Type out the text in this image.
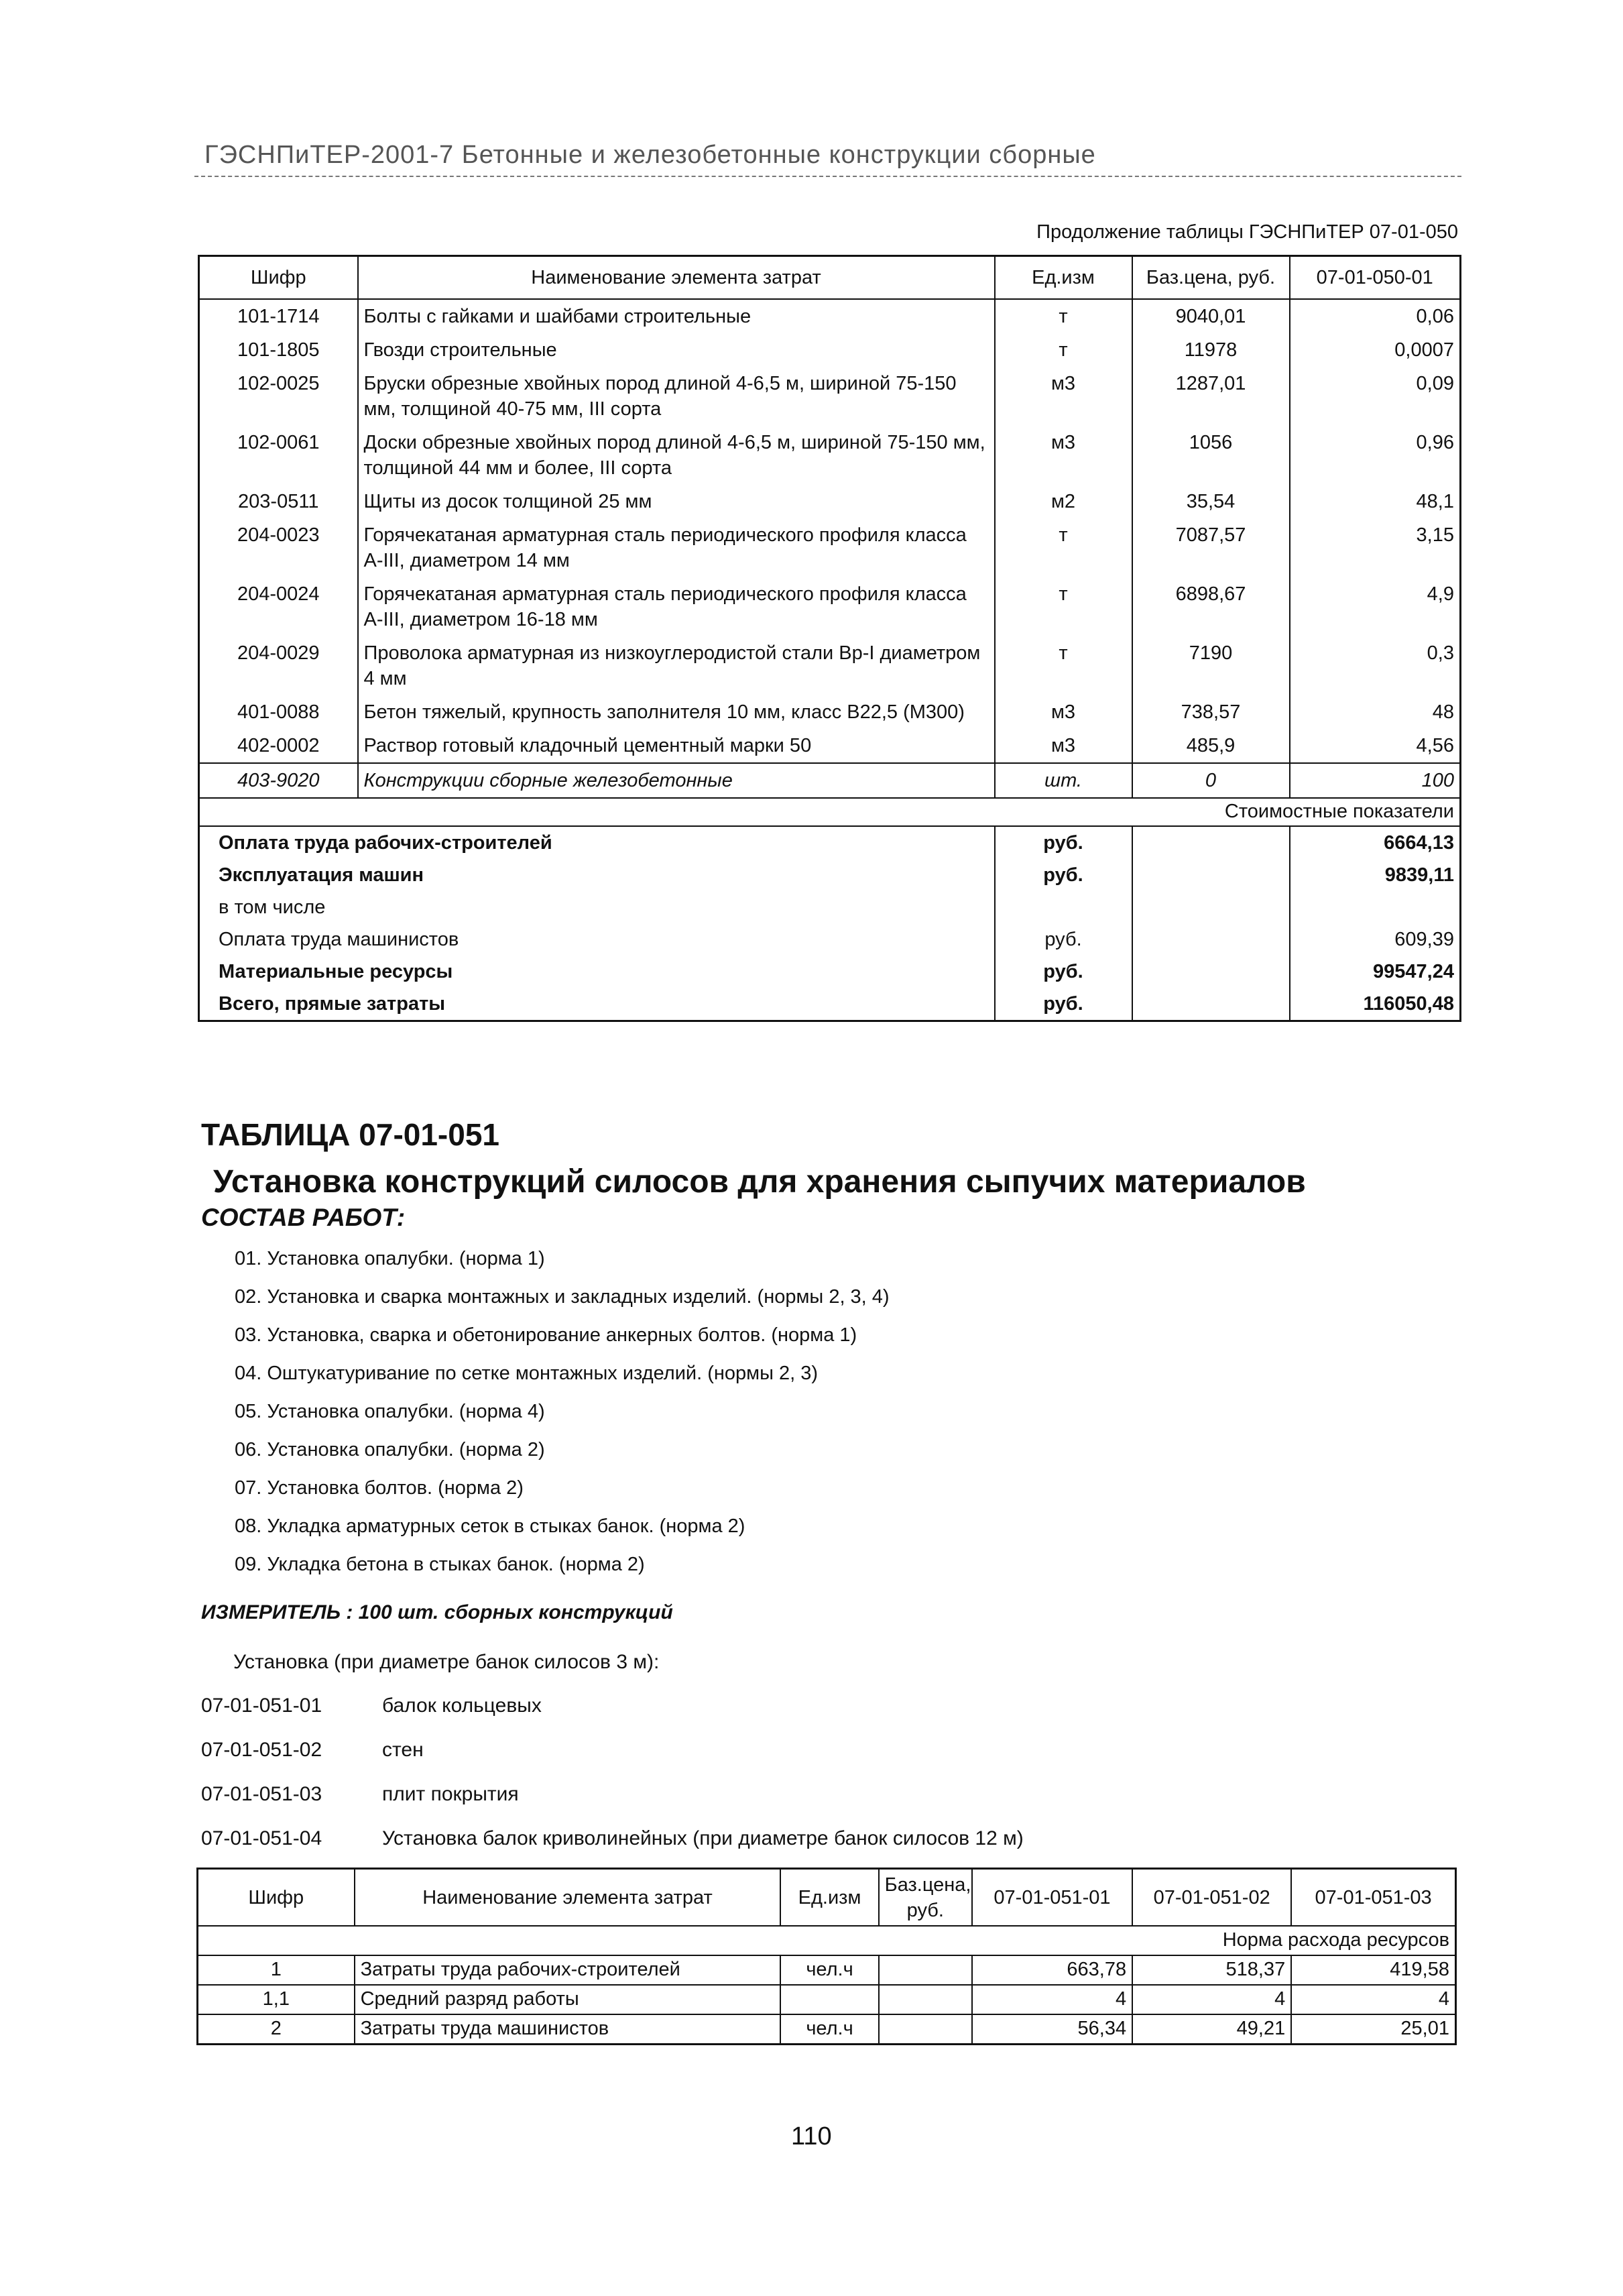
ГЭСНПиТЕР-2001-7 Бетонные и железобетонные конструкции сборные
Продолжение таблицы ГЭСНПиТЕР 07-01-050
Шифр	Наименование элемента затрат	Ед.изм	Баз.цена, руб.	07-01-050-01
101-1714	Болты с гайками и шайбами строительные	т	9040,01	0,06
101-1805	Гвозди строительные	т	11978	0,0007
102-0025	Бруски обрезные хвойных пород длиной 4-6,5 м, шириной 75-150 мм, толщиной 40-75 мм, III сорта	м3	1287,01	0,09
102-0061	Доски обрезные хвойных пород длиной 4-6,5 м, шириной 75-150 мм, толщиной 44 мм и более, III сорта	м3	1056	0,96
203-0511	Щиты из досок толщиной 25 мм	м2	35,54	48,1
204-0023	Горячекатаная арматурная сталь периодического профиля класса А-III, диаметром 14 мм	т	7087,57	3,15
204-0024	Горячекатаная арматурная сталь периодического профиля класса А-III, диаметром 16-18 мм	т	6898,67	4,9
204-0029	Проволока арматурная из низкоуглеродистой стали Вр-I диаметром 4 мм	т	7190	0,3
401-0088	Бетон тяжелый, крупность заполнителя 10 мм, класс В22,5 (М300)	м3	738,57	48
402-0002	Раствор готовый кладочный цементный марки 50	м3	485,9	4,56
403-9020	Конструкции сборные железобетонные	шт.	0	100
Стоимостные показатели				
Оплата труда рабочих-строителей		руб.		6664,13
Эксплуатация машин		руб.		9839,11
в том числе				
Оплата труда машинистов		руб.		609,39
Материальные ресурсы		руб.		99547,24
Всего, прямые затраты		руб.		116050,48
ТАБЛИЦА 07-01-051
Установка конструкций силосов для хранения сыпучих материалов
СОСТАВ РАБОТ:
01. Установка опалубки. (норма 1)
02. Установка и сварка монтажных и закладных изделий. (нормы 2, 3, 4)
03. Установка, сварка и обетонирование анкерных болтов. (норма 1)
04. Оштукатуривание по сетке монтажных изделий. (нормы 2, 3)
05. Установка опалубки. (норма 4)
06. Установка опалубки. (норма 2)
07. Установка болтов. (норма 2)
08. Укладка арматурных сеток в стыках банок. (норма 2)
09. Укладка бетона в стыках банок. (норма 2)
ИЗМЕРИТЕЛЬ : 100 шт. сборных конструкций
Установка (при диаметре банок силосов 3 м):
07-01-051-01	балок кольцевых
07-01-051-02	стен
07-01-051-03	плит покрытия
07-01-051-04	Установка балок криволинейных (при диаметре банок силосов 12 м)
Шифр	Наименование элемента затрат	Ед.изм	Баз.цена, руб.	07-01-051-01	07-01-051-02	07-01-051-03
Норма расхода ресурсов						
1	Затраты труда рабочих-строителей	чел.ч		663,78	518,37	419,58
1,1	Средний разряд работы			4	4	4
2	Затраты труда машинистов	чел.ч		56,34	49,21	25,01
110
